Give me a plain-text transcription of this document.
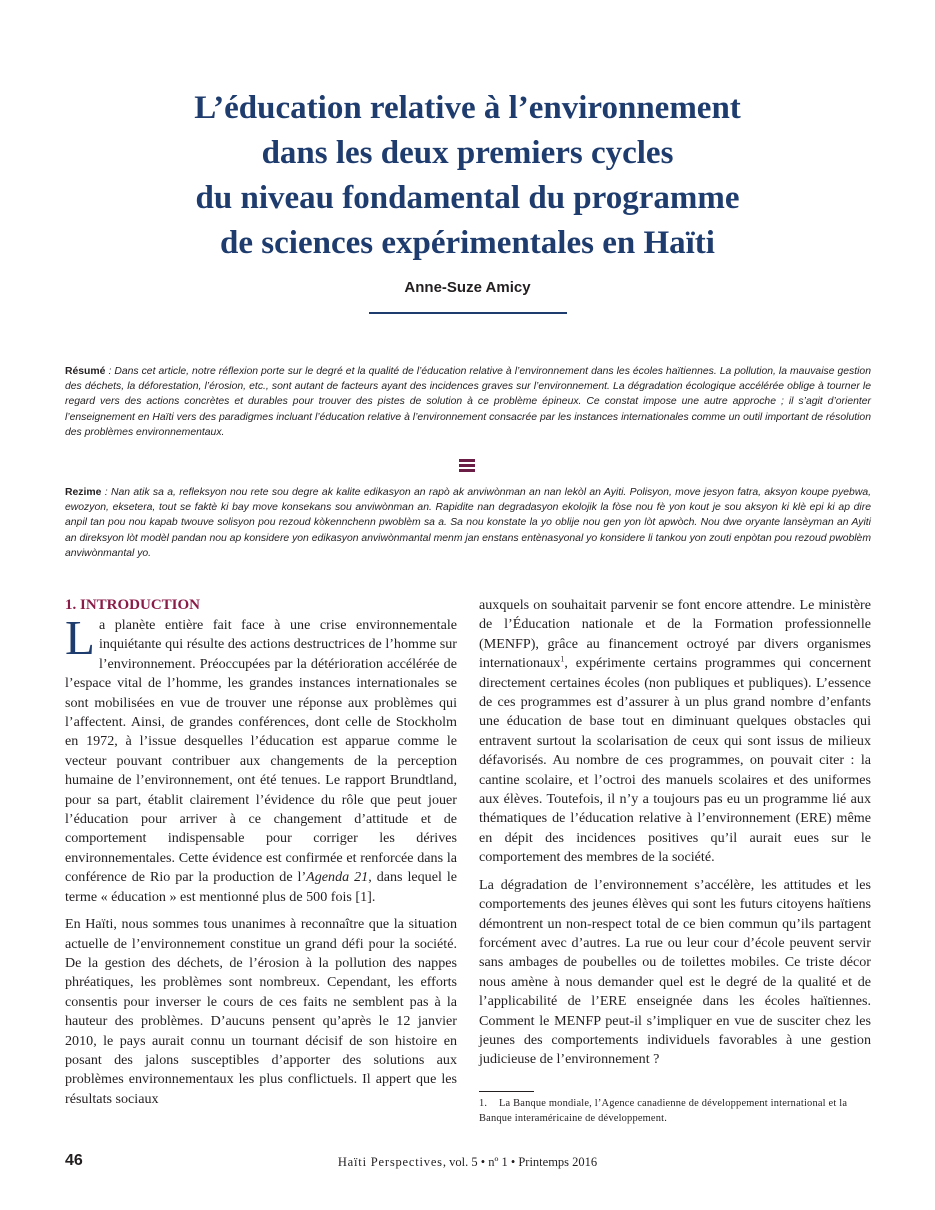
L’éducation relative à l’environnement
dans les deux premiers cycles
du niveau fondamental du programme
de sciences expérimentales en Haïti
Anne-Suze Amicy

Résumé : Dans cet article, notre réflexion porte sur le degré et la qualité de l’éducation relative à l’environnement dans les écoles haïtiennes. La pollution, la mauvaise gestion des déchets, la déforestation, l’érosion, etc., sont autant de facteurs ayant des incidences graves sur l’environnement. La dégradation écologique accélérée oblige à tourner le regard vers des actions concrètes et durables pour trouver des pistes de solution à ce problème épineux. Ce constat impose une autre approche ; il s’agit d’orienter l’enseignement en Haïti vers des paradigmes incluant l’éducation relative à l’environnement consacrée par les instances internationales comme un outil important de résolution des problèmes environnementaux.

Rezime : Nan atik sa a, refleksyon nou rete sou degre ak kalite edikasyon an rapò ak anviwònman an nan lekòl an Ayiti. Polisyon, move jesyon fatra, aksyon koupe pyebwa, ewozyon, eksetera, tout se faktè ki bay move konsekans sou anviwònman an. Rapidite nan degradasyon ekolojik la fòse nou fè yon kout je sou aksyon ki klè epi ki ap dire anpil tan pou nou kapab twouve solisyon pou rezoud kòkennchenn pwoblèm sa a. Sa nou konstate la yo oblije nou gen yon lòt apwòch. Nou dwe oryante lansèyman an Ayiti an direksyon lòt modèl pandan nou ap konsidere yon edikasyon anviwònmantal menm jan enstans entènasyonal yo konsidere li tankou yon zouti enpòtan pou rezoud pwoblèm anviwònmantal yo.

1. INTRODUCTION

La planète entière fait face à une crise environnementale inquiétante qui résulte des actions destructrices de l’homme sur l’environnement. Préoccupées par la détérioration accélérée de l’espace vital de l’homme, les grandes instances internationales se sont mobilisées en vue de trouver une réponse aux problèmes qui l’affectent. Ainsi, de grandes conférences, dont celle de Stockholm en 1972, à l’issue desquelles l’éducation est apparue comme le vecteur pouvant contribuer aux changements de la perception humaine de l’environnement, ont été tenues. Le rapport Brundtland, pour sa part, établit clairement l’évidence du rôle que peut jouer l’éducation pour arriver à ce changement d’attitude et de comportement indispensable pour corriger les dérives environnementales. Cette évidence est confirmée et renforcée dans la conférence de Rio par la production de l’Agenda 21, dans lequel le terme « éducation » est mentionné plus de 500 fois [1].

En Haïti, nous sommes tous unanimes à reconnaître que la situation actuelle de l’environnement constitue un grand défi pour la société. De la gestion des déchets, de l’érosion à la pollution des nappes phréatiques, les problèmes sont nombreux. Cependant, les efforts consentis pour inverser le cours de ces faits ne semblent pas à la hauteur des problèmes. D’aucuns pensent qu’après le 12 janvier 2010, le pays aurait connu un tournant décisif de son histoire en posant des jalons susceptibles d’apporter des solutions aux problèmes environnementaux les plus conflictuels. Il appert que les résultats sociaux

auxquels on souhaitait parvenir se font encore attendre. Le ministère de l’Éducation nationale et de la Formation professionnelle (MENFP), grâce au financement octroyé par divers organismes internationaux$^1$, expérimente certains programmes qui concernent directement certaines écoles (non publiques et publiques). L’essence de ces programmes est d’assurer à un plus grand nombre d’enfants une éducation de base tout en diminuant quelques obstacles qui entravent surtout la scolarisation de ceux qui sont issus de milieux défavorisés. Au nombre de ces programmes, on pouvait citer : la cantine scolaire, et l’octroi des manuels scolaires et des uniformes aux élèves. Toutefois, il n’y a toujours pas eu un programme lié aux thématiques de l’éducation relative à l’environnement (ERE) même en dépit des incidences positives qu’il aurait eues sur le comportement des membres de la société.

La dégradation de l’environnement s’accélère, les attitudes et les comportements des jeunes élèves qui sont les futurs citoyens haïtiens démontrent un non-respect total de ce bien commun qu’ils partagent forcément avec d’autres. La rue ou leur cour d’école peuvent servir sans ambages de poubelles ou de toilettes mobiles. Ce triste décor nous amène à nous demander quel est le degré de la qualité et de l’applicabilité de l’ERE enseignée dans les écoles haïtiennes. Comment le MENFP peut-il s’impliquer en vue de susciter chez les jeunes des comportements individuels favorables à une gestion judicieuse de l’environnement ?

1. La Banque mondiale, l’Agence canadienne de développement international et la Banque interaméricaine de développement.

46	Haïti Perspectives, vol. 5 • nº 1 • Printemps 2016
